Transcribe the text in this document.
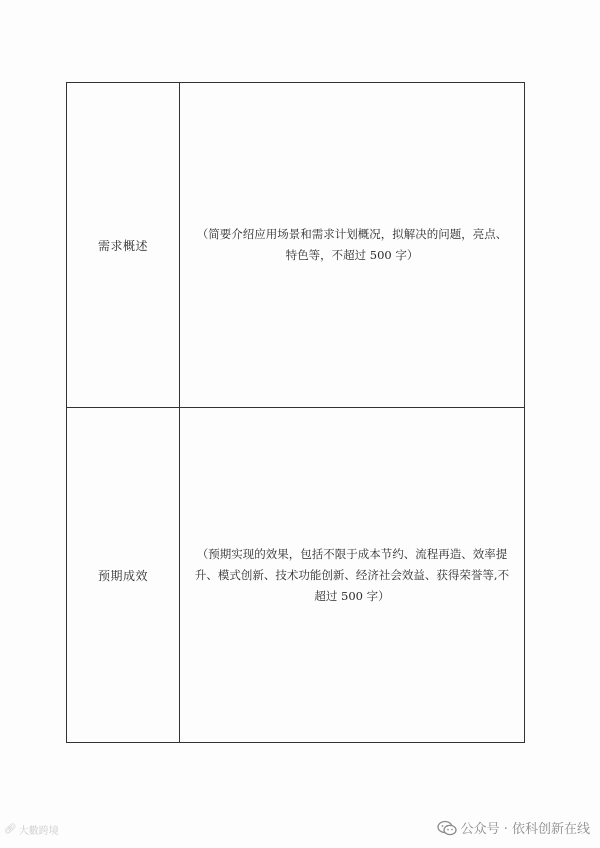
需求概述	（简要介绍应用场景和需求计划概况，拟解决的问题，亮点、
特色等，不超过 500 字）

预期成效	（预期实现的效果，包括不限于成本节约、流程再造、效率提
升、模式创新、技术功能创新、经济社会效益、获得荣誉等,不
超过 500 字）
🔗︎ 大數跨境	公众号 · 依科创新在线
